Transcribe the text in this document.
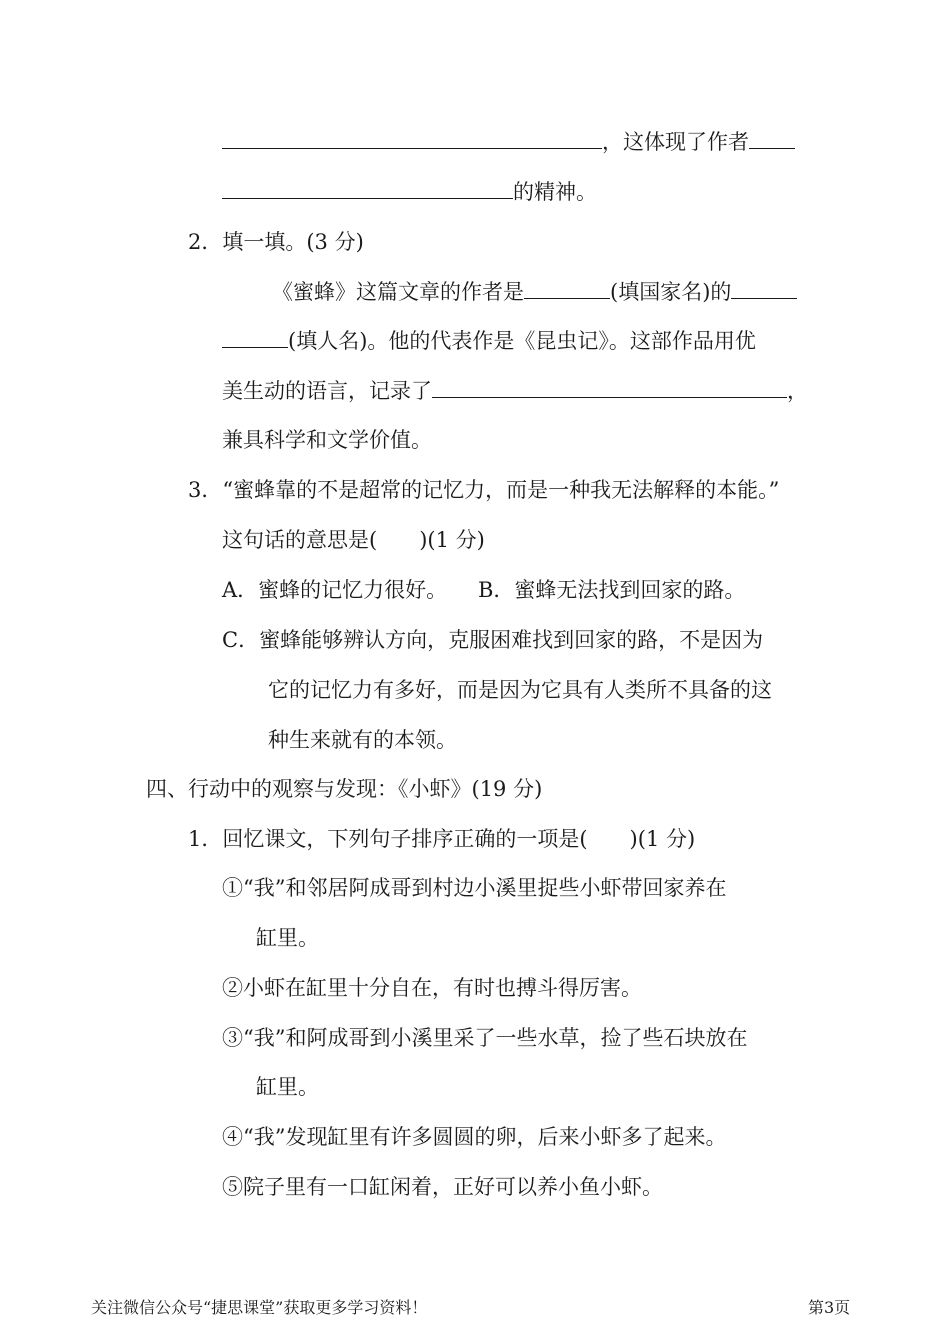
，这体现了作者
的精神。
2．填一填。(3 分)
《蜜蜂》这篇文章的作者是	(填国家名)的
(填人名)。他的代表作是《昆虫记》。这部作品用优
美生动的语言，记录了	，
兼具科学和文学价值。
3．“蜜蜂靠的不是超常的记忆力，而是一种我无法解释的本能。”
这句话的意思是(　　)(1 分)
A．蜜蜂的记忆力很好。 B．蜜蜂无法找到回家的路。
C．蜜蜂能够辨认方向，克服困难找到回家的路，不是因为
它的记忆力有多好，而是因为它具有人类所不具备的这
种生来就有的本领。
四、行动中的观察与发现：《小虾》(19 分)
1．回忆课文，下列句子排序正确的一项是(　　)(1 分)
①“我”和邻居阿成哥到村边小溪里捉些小虾带回家养在
缸里。
②小虾在缸里十分自在，有时也搏斗得厉害。
③“我”和阿成哥到小溪里采了一些水草，捡了些石块放在
缸里。
④“我”发现缸里有许多圆圆的卵，后来小虾多了起来。
⑤院子里有一口缸闲着，正好可以养小鱼小虾。
关注微信公众号“捷思课堂”获取更多学习资料！	第3页
